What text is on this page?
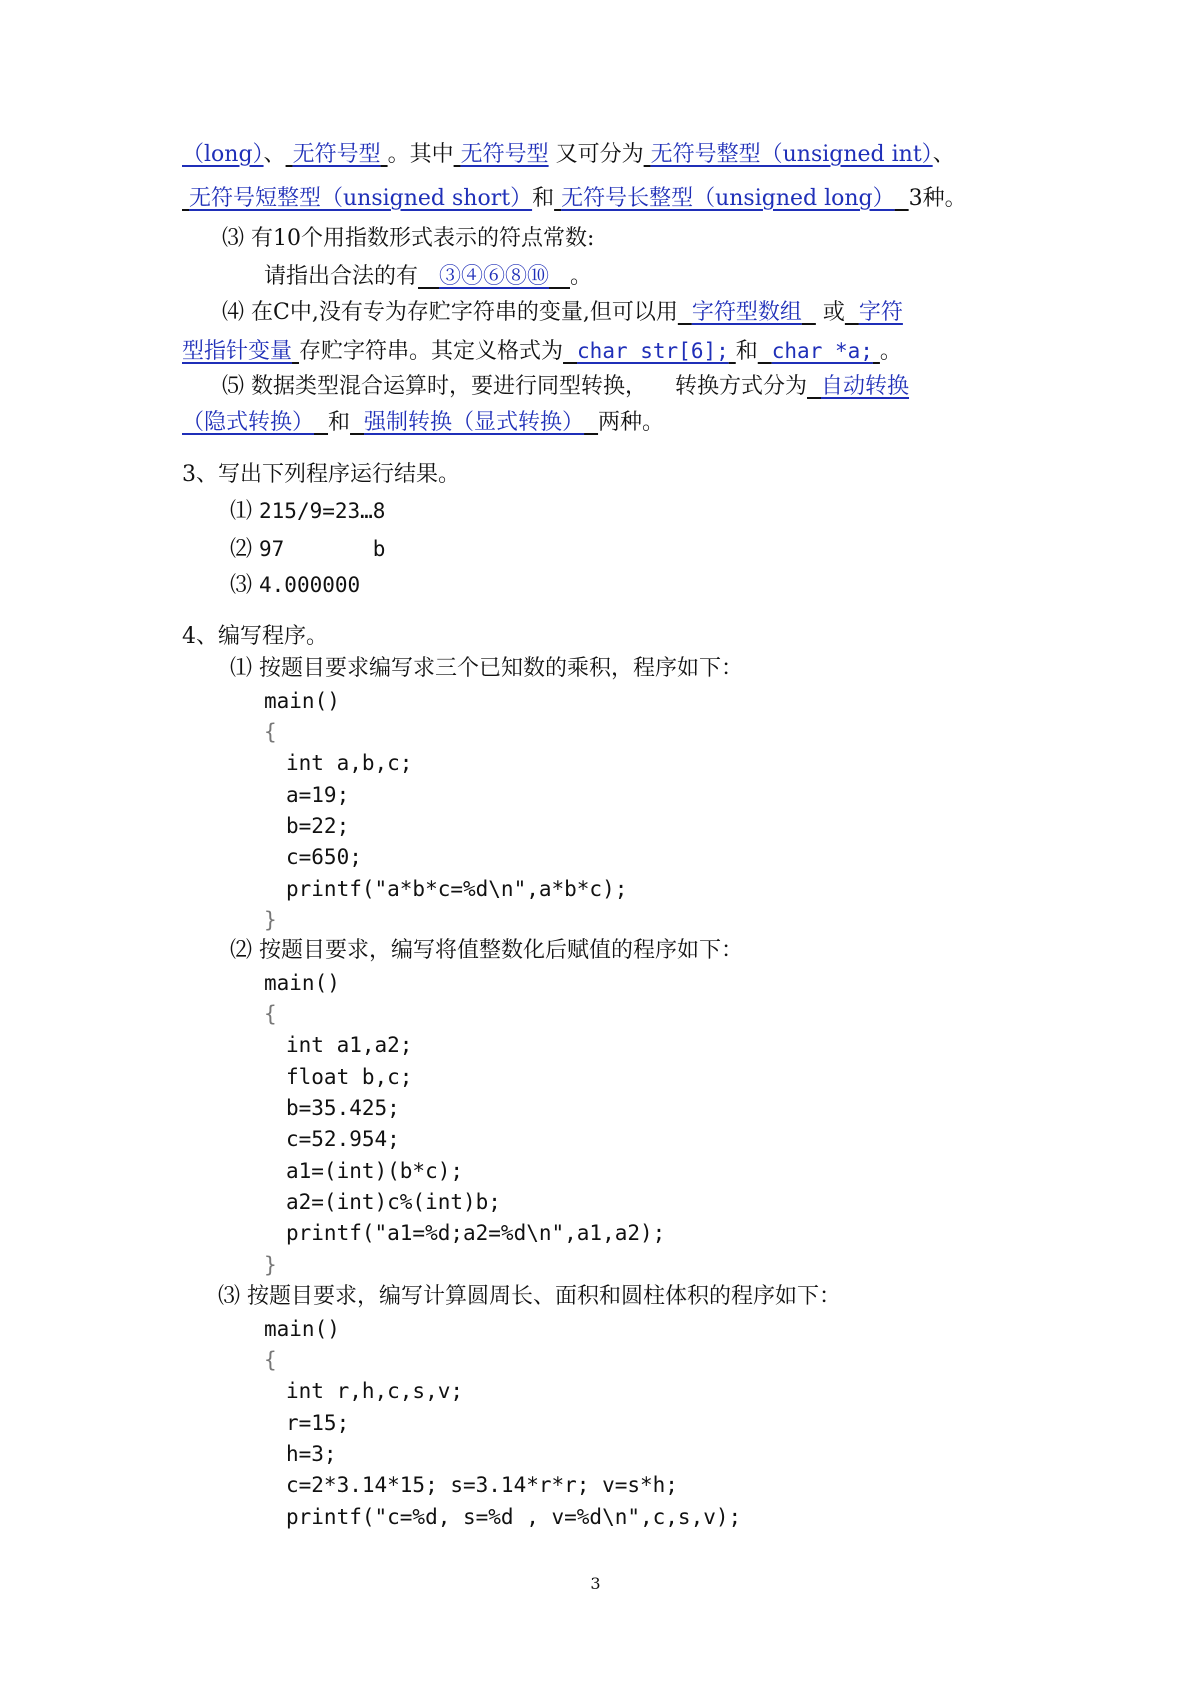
（long）、 无符号型 。其中 无符号型 又可分为 无符号整型（unsigned int）、
无符号短整型（unsigned short）和 无符号长整型（unsigned long） 3种。
⑶ 有10个用指数形式表示的符点常数:
请指出合法的有 ③④⑥⑧⑩ 。
⑷ 在C中,没有专为存贮字符串的变量,但可以用 字符型数组 或 字符
型指针变量 存贮字符串。其定义格式为 char str[6]; 和 char *a; 。
⑸ 数据类型混合运算时，要进行同型转换，    转换方式分为 自动转换
（隐式转换） 和 强制转换（显式转换） 两种。
3、写出下列程序运行结果。
⑴ 215/9=23…8
⑵ 97       b
⑶ 4.000000
4、编写程序。
⑴ 按题目要求编写求三个已知数的乘积，程序如下：
main()
{
int a,b,c;
a=19;
b=22;
c=650;
printf("a*b*c=%d\n",a*b*c);
}
⑵ 按题目要求，编写将值整数化后赋值的程序如下：
main()
{
int a1,a2;
float b,c;
b=35.425;
c=52.954;
a1=(int)(b*c);
a2=(int)c%(int)b;
printf("a1=%d;a2=%d\n",a1,a2);
}
⑶ 按题目要求，编写计算圆周长、面积和圆柱体积的程序如下：
main()
{
int r,h,c,s,v;
r=15;
h=3;
c=2*3.14*15; s=3.14*r*r; v=s*h;
printf("c=%d, s=%d , v=%d\n",c,s,v);
3
